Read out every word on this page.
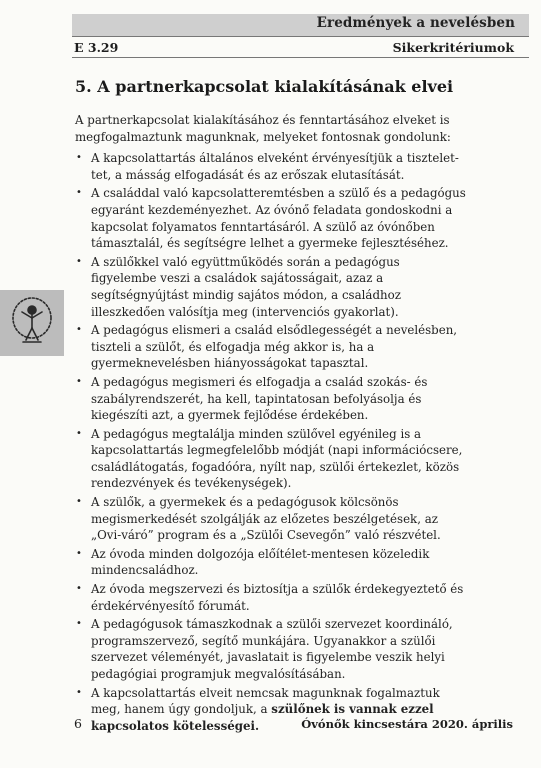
Eredmények a nevelésben
E 3.29	Sikerkritériumok
5. A partnerkapcsolat kialakításának elvei

A partnerkapcsolat kialakításához és fenntartásához elveket is megfogalmaztunk magunknak, melyeket fontosnak gondolunk:

• A kapcsolattartás általános elveként érvényesítjük a tisztelet-tet, a másság elfogadását és az erőszak elutasítását.
• A családdal való kapcsolatteremtésben a szülő és a pedagógus egyaránt kezdeményezhet. Az óvónő feladata gondoskodni a kapcsolat folyamatos fenntartásáról. A szülő az óvónőben támasztalál, és segítségre lelhet a gyermeke fejlesztéséhez.
• A szülőkkel való együttműködés során a pedagógus figyelembe veszi a családok sajátosságait, azaz a segítségnyújtást mindig sajátos módon, a családhoz illeszkedően valósítja meg (intervenciós gyakorlat).
• A pedagógus elismeri a család elsődlegességét a nevelésben, tiszteli a szülőt, és elfogadja még akkor is, ha a gyermeknevelésben hiányosságokat tapasztal.
• A pedagógus megismeri és elfogadja a család szokás- és szabályrendszerét, ha kell, tapintatosan befolyásolja és kiegészíti azt, a gyermek fejlődése érdekében.
• A pedagógus megtalálja minden szülővel egyénileg is a kapcsolattartás legmegfelelőbb módját (napi információcsere, családlátogatás, fogadóóra, nyílt nap, szülői értekezlet, közös rendezvények és tevékenységek).
• A szülők, a gyermekek és a pedagógusok kölcsönös megismerkedését szolgálják az előzetes beszélgetések, az „Ovi-váró” program és a „Szülői Csevegőn” való részvétel.
• Az óvoda minden dolgozója előítélet-mentesen közeledik mindencsaládhoz.
• Az óvoda megszervezi és biztosítja a szülők érdekegyeztető és érdekérvényesítő fórumát.
• A pedagógusok támaszkodnak a szülői szervezet koordináló, programszervező, segítő munkájára. Ugyanakkor a szülői szervezet véleményét, javaslatait is figyelembe veszik helyi pedagógiai programjuk megvalósításában.
• A kapcsolattartás elveit nemcsak magunknak fogalmaztuk meg, hanem úgy gondoljuk, a szülőnek is vannak ezzel kapcsolatos kötelességei.
6	Óvónők kincsestára 2020. április
